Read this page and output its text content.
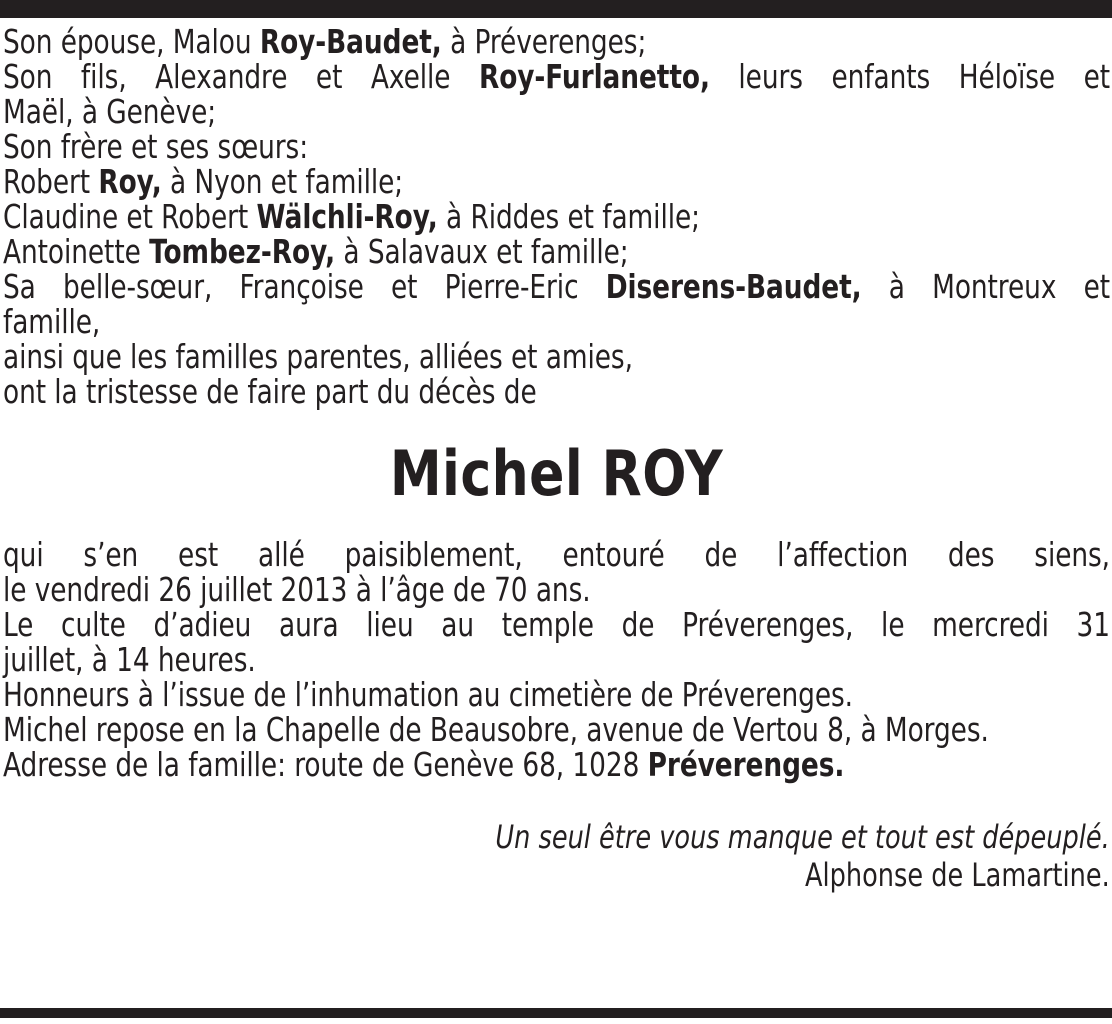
Son épouse, Malou Roy-Baudet, à Préverenges;
Son fils, Alexandre et Axelle Roy-Furlanetto, leurs enfants Héloïse et
Maël, à Genève;
Son frère et ses sœurs:
Robert Roy, à Nyon et famille;
Claudine et Robert Wälchli-Roy, à Riddes et famille;
Antoinette Tombez-Roy, à Salavaux et famille;
Sa belle-sœur, Françoise et Pierre-Eric Diserens-Baudet, à Montreux et
famille,
ainsi que les familles parentes, alliées et amies,
ont la tristesse de faire part du décès de
Michel ROY
qui s’en est allé paisiblement, entouré de l’affection des siens,
le vendredi 26 juillet 2013 à l’âge de 70 ans.
Le culte d’adieu aura lieu au temple de Préverenges, le mercredi 31
juillet, à 14 heures.
Honneurs à l’issue de l’inhumation au cimetière de Préverenges.
Michel repose en la Chapelle de Beausobre, avenue de Vertou 8, à Morges.
Adresse de la famille: route de Genève 68, 1028 Préverenges.
Un seul être vous manque et tout est dépeuplé.
Alphonse de Lamartine.
